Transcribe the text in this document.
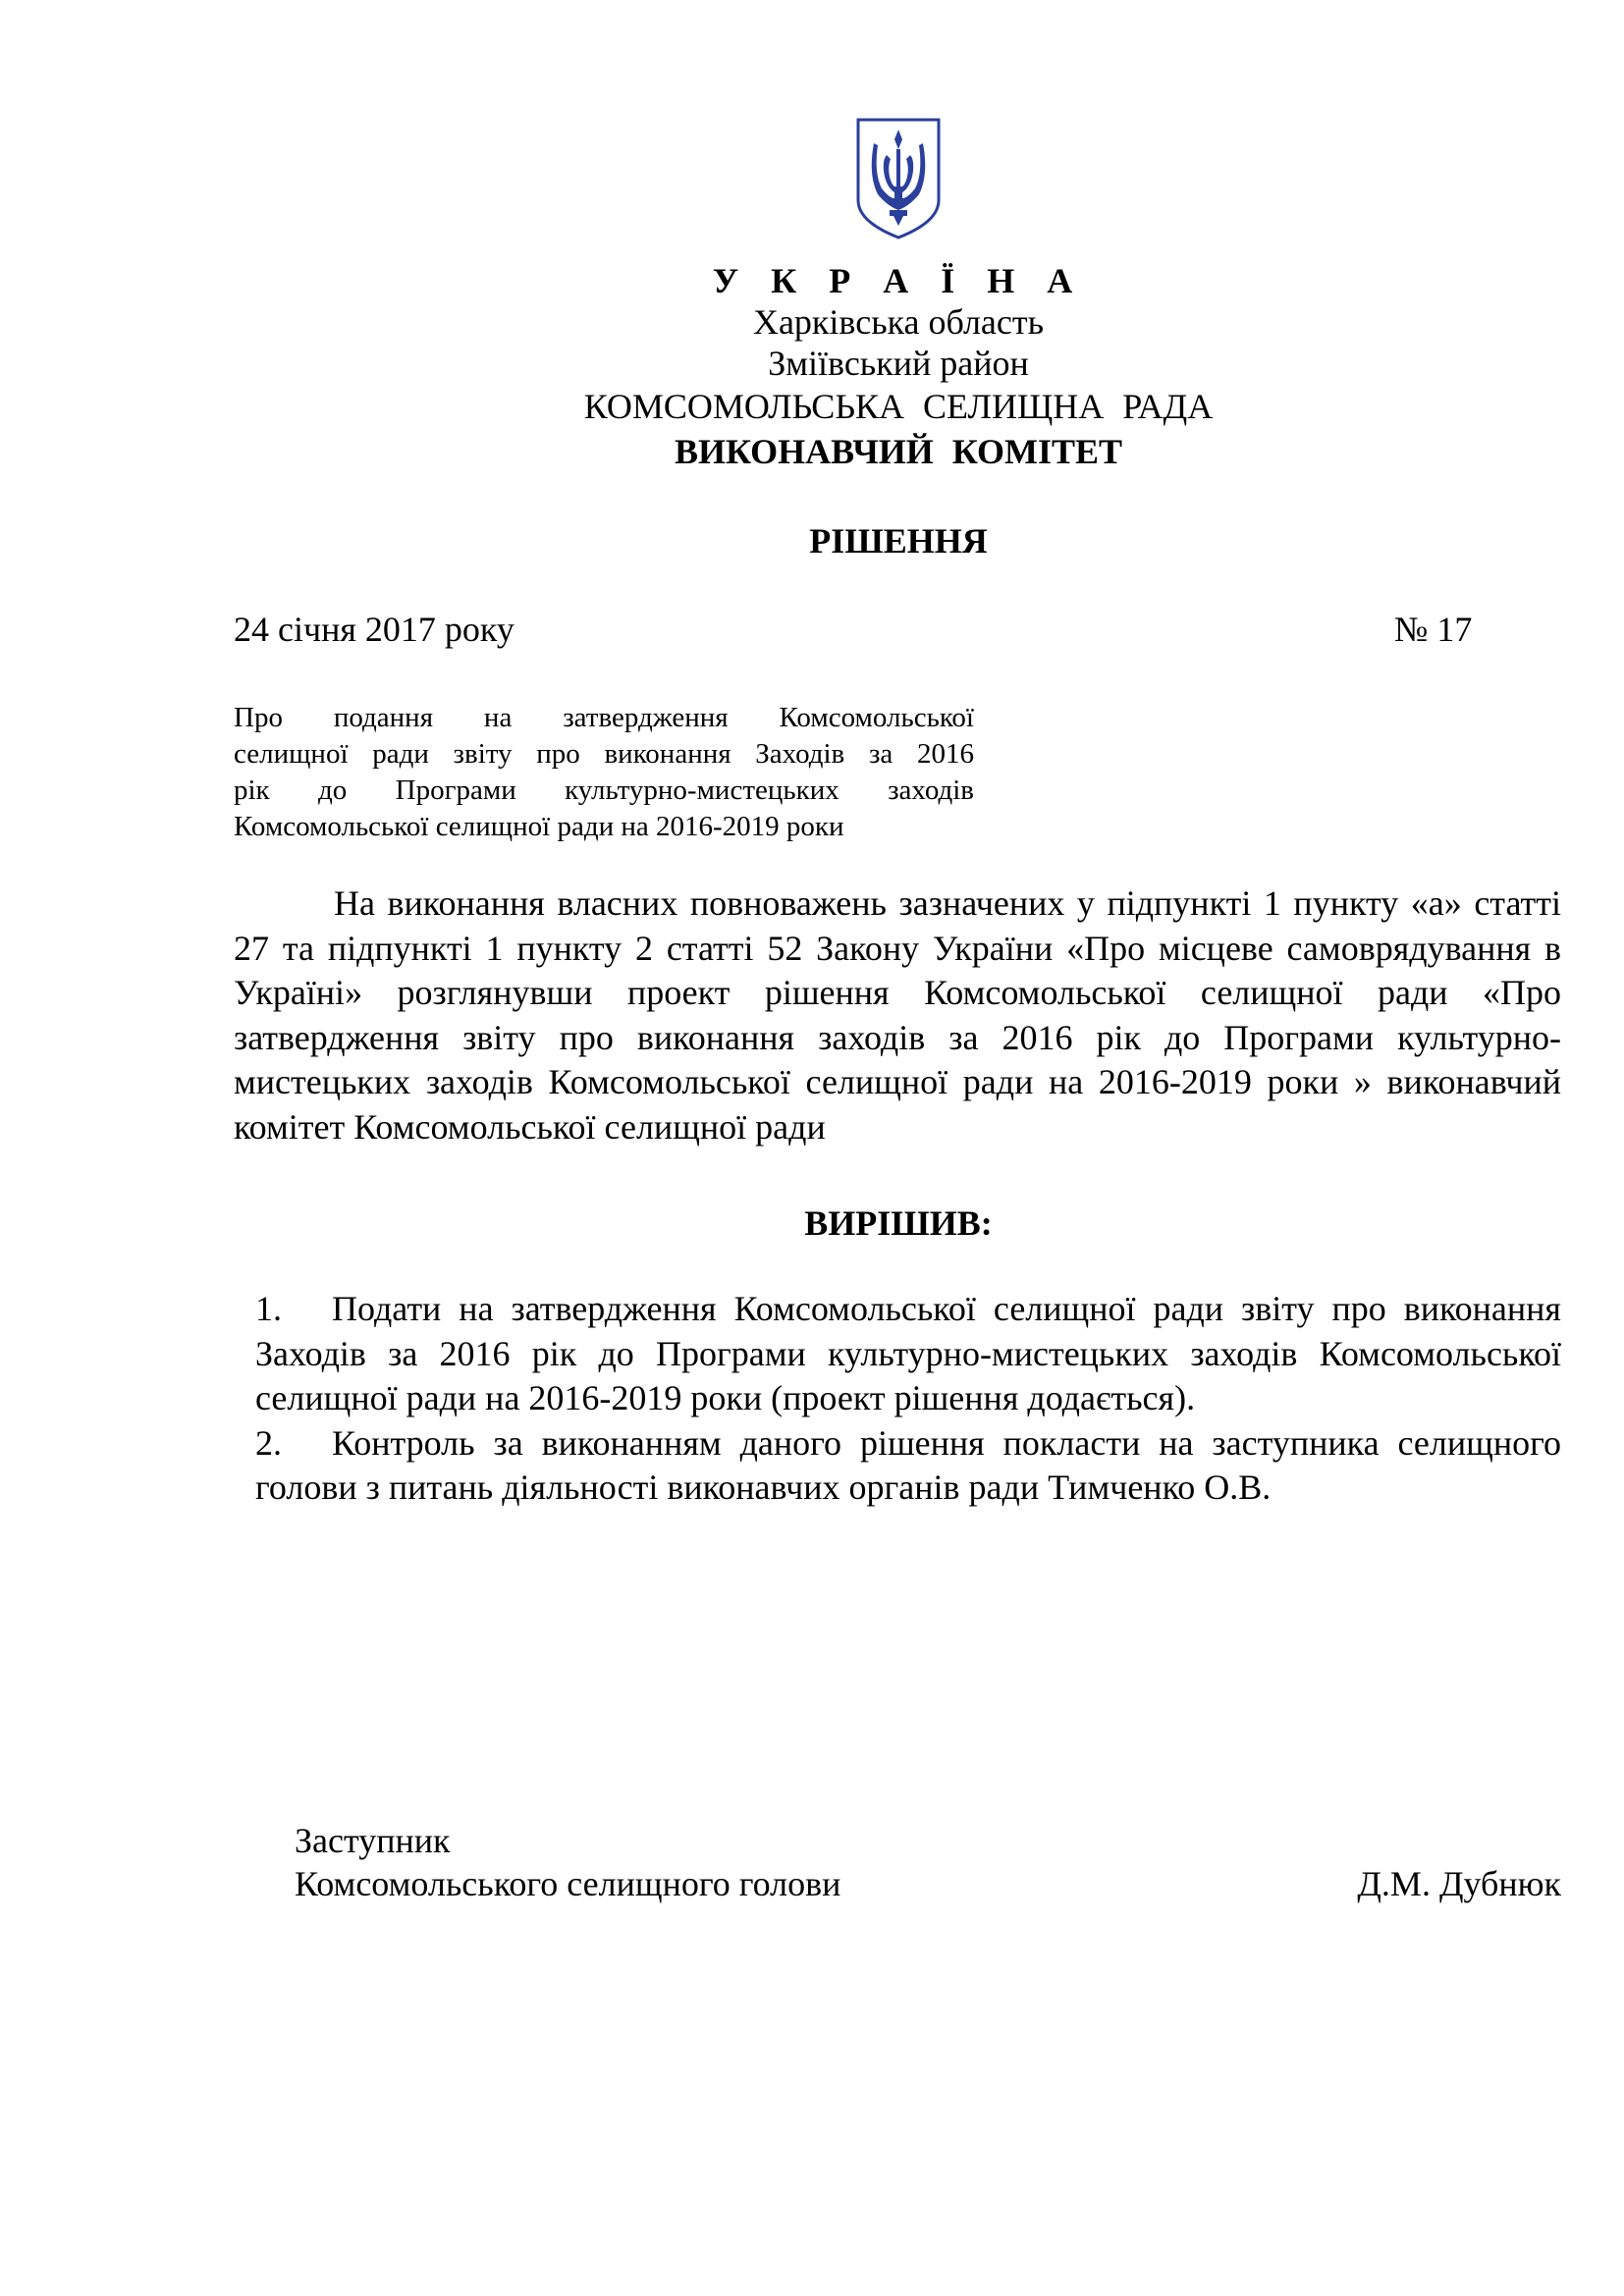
У К Р А Ї Н А
Харківська область
Зміївський район
КОМСОМОЛЬСЬКА СЕЛИЩНА РАДА
ВИКОНАВЧИЙ КОМІТЕТ
РІШЕННЯ
24 січня 2017 року	№ 17
Про подання на затвердження Комсомольської
селищної ради звіту про виконання Заходів за 2016
рік до Програми культурно-мистецьких заходів
Комсомольської селищної ради на 2016-2019 роки
На виконання власних повноважень зазначених у підпункті 1 пункту «а» статті 27 та підпункті 1 пункту 2 статті 52 Закону України «Про місцеве самоврядування в Україні» розглянувши проект рішення Комсомольської селищної ради «Про затвердження звіту про виконання заходів за 2016 рік до Програми культурно-мистецьких заходів Комсомольської селищної ради на 2016-2019 роки » виконавчий комітет Комсомольської селищної ради
ВИРІШИВ:
1. Подати на затвердження Комсомольської селищної ради звіту про виконання Заходів за 2016 рік до Програми культурно-мистецьких заходів Комсомольської селищної ради на 2016-2019 роки (проект рішення додається).
2. Контроль за виконанням даного рішення покласти на заступника селищного голови з питань діяльності виконавчих органів ради Тимченко О.В.
Заступник
Комсомольського селищного голови	Д.М. Дубнюк
